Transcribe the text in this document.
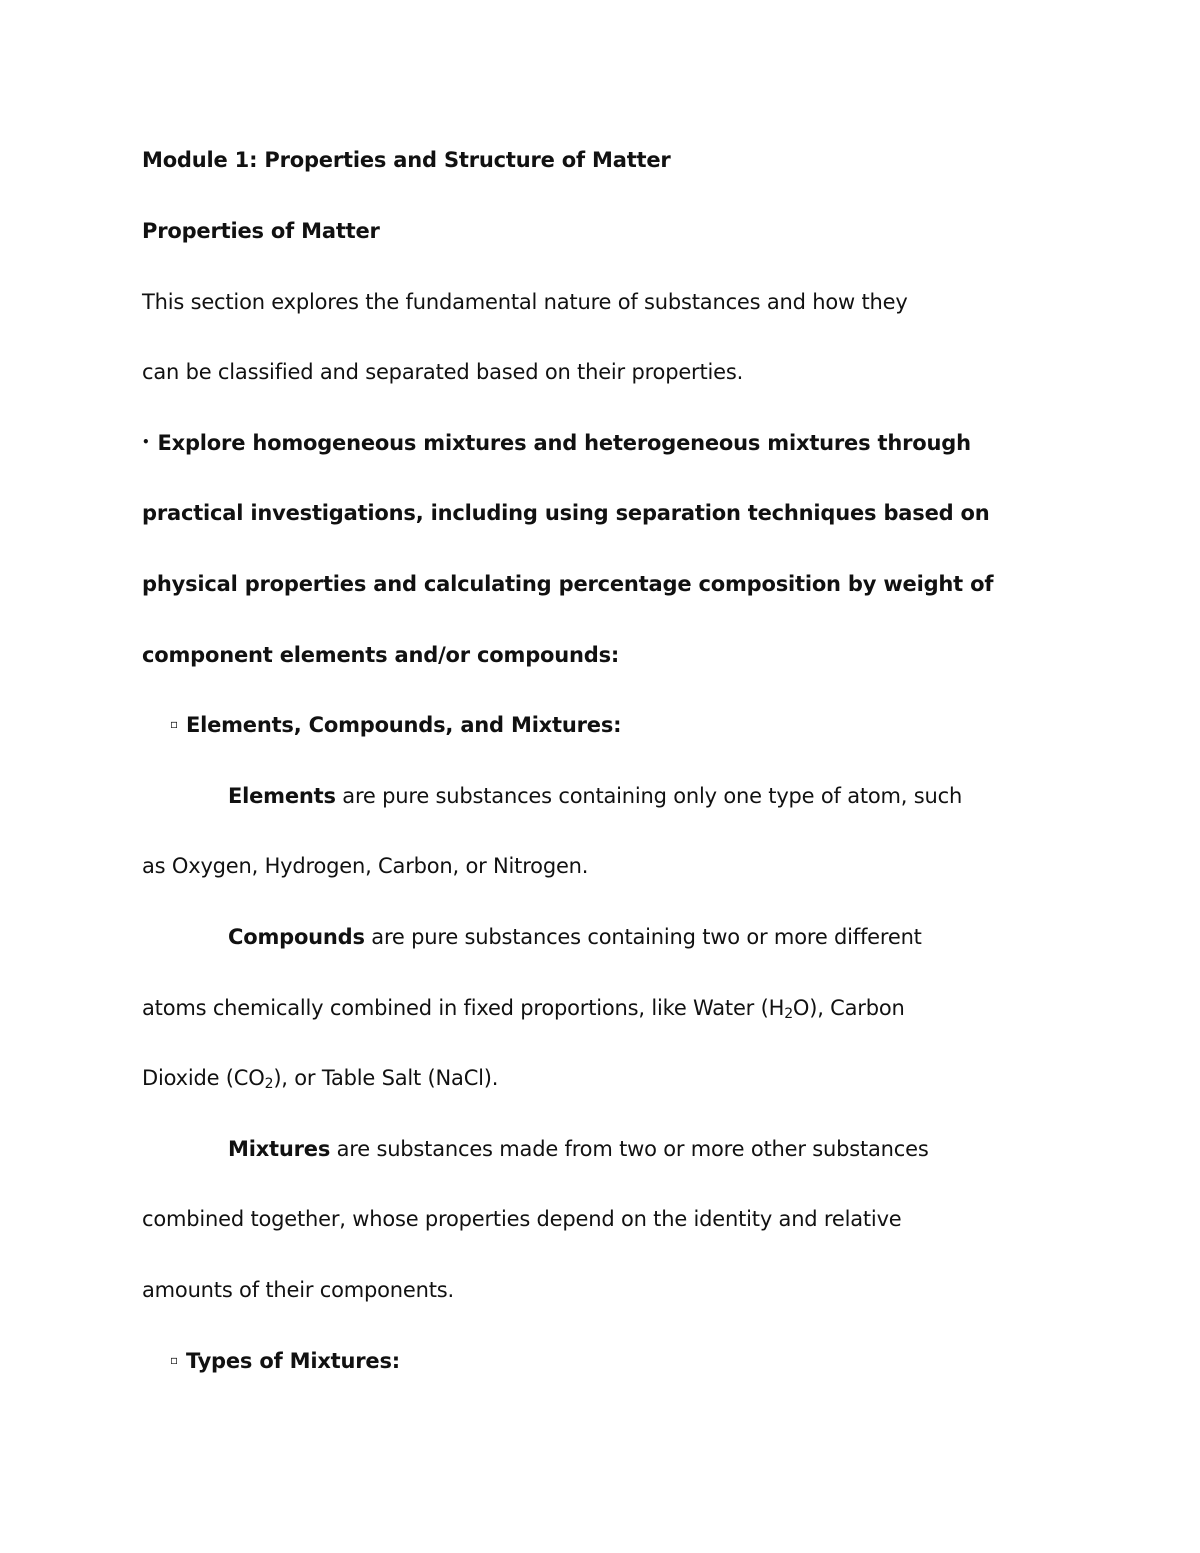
Module 1: Properties and Structure of Matter
Properties of Matter
This section explores the fundamental nature of substances and how they
can be classified and separated based on their properties.
• Explore homogeneous mixtures and heterogeneous mixtures through
practical investigations, including using separation techniques based on
physical properties and calculating percentage composition by weight of
component elements and/or compounds:
▫ Elements, Compounds, and Mixtures:
Elements are pure substances containing only one type of atom, such
as Oxygen, Hydrogen, Carbon, or Nitrogen.
Compounds are pure substances containing two or more different
atoms chemically combined in fixed proportions, like Water $(H_2O)$, Carbon
Dioxide $(CO_2)$, or Table Salt (NaCl).
Mixtures are substances made from two or more other substances
combined together, whose properties depend on the identity and relative
amounts of their components.
▫ Types of Mixtures:
